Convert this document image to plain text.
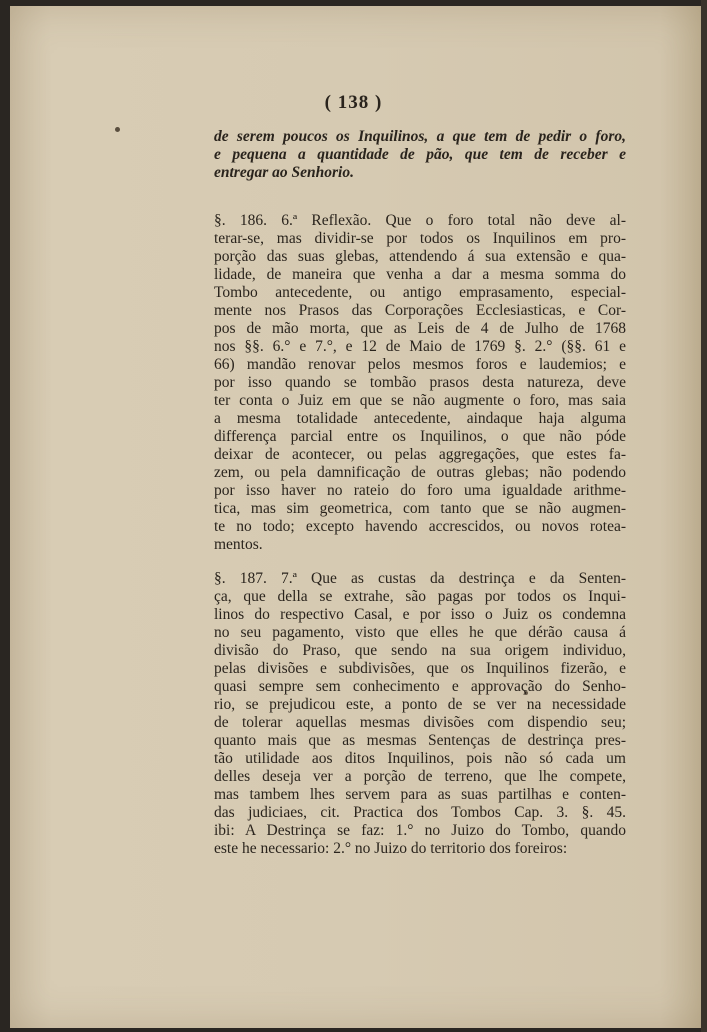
( 138 )
de serem poucos os Inquilinos, a que tem de pedir o foro,
e pequena a quantidade de pão, que tem de receber e
entregar ao Senhorio.
§. 186. 6.ª Reflexão. Que o foro total não deve al-
terar-se, mas dividir-se por todos os Inquilinos em pro-
porção das suas glebas, attendendo á sua extensão e qua-
lidade, de maneira que venha a dar a mesma somma do
Tombo antecedente, ou antigo emprasamento, especial-
mente nos Prasos das Corporações Ecclesiasticas, e Cor-
pos de mão morta, que as Leis de 4 de Julho de 1768
nos §§. 6.° e 7.°, e 12 de Maio de 1769 §. 2.° (§§. 61 e
66) mandão renovar pelos mesmos foros e laudemios; e
por isso quando se tombão prasos desta natureza, deve
ter conta o Juiz em que se não augmente o foro, mas saia
a mesma totalidade antecedente, aindaque haja alguma
differença parcial entre os Inquilinos, o que não póde
deixar de acontecer, ou pelas aggregações, que estes fa-
zem, ou pela damnificação de outras glebas; não podendo
por isso haver no rateio do foro uma igualdade arithme-
tica, mas sim geometrica, com tanto que se não augmen-
te no todo; excepto havendo accrescidos, ou novos rotea-
mentos.
§. 187. 7.ª Que as custas da destrinça e da Senten-
ça, que della se extrahe, são pagas por todos os Inqui-
linos do respectivo Casal, e por isso o Juiz os condemna
no seu pagamento, visto que elles he que dérão causa á
divisão do Praso, que sendo na sua origem individuo,
pelas divisões e subdivisões, que os Inquilinos fizerão, e
quasi sempre sem conhecimento e approvação do Senho-
rio, se prejudicou este, a ponto de se ver na necessidade
de tolerar aquellas mesmas divisões com dispendio seu;
quanto mais que as mesmas Sentenças de destrinça pres-
tão utilidade aos ditos Inquilinos, pois não só cada um
delles deseja ver a porção de terreno, que lhe compete,
mas tambem lhes servem para as suas partilhas e conten-
das judiciaes, cit. Practica dos Tombos Cap. 3. §. 45.
ibi: A Destrinça se faz: 1.° no Juizo do Tombo, quando
este he necessario: 2.° no Juizo do territorio dos foreiros:
